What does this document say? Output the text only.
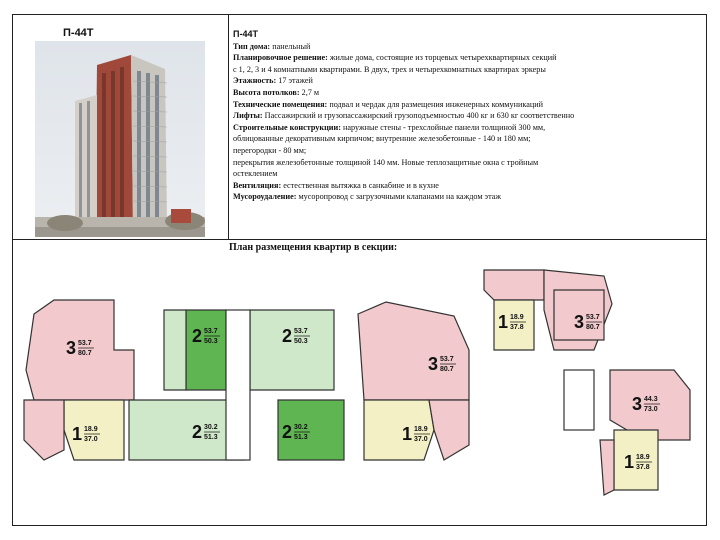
П-44Т	П-44Т
Тип дома: панельный
Планировочное решение: жилые дома, состоящие из торцевых четырехквартирных секций
с 1, 2, 3 и 4 комнатными квартирами. В двух, трех и четырехкомнатных квартирах эркеры
Этажность: 17 этажей
Высота потолков: 2,7 м
Технические помещения: подвал и чердак для размещения инженерных коммуникаций
Лифты: Пассажирский и грузопассажирский грузоподъемностью 400 кг и 630 кг соответственно
Строительные конструкции: наружные стены - трехслойные панели толщиной 300 мм,
облицованные декоративным кирпичом; внутренние железобетонные - 140 и 180 мм;
перегородки - 80 мм;
перекрытия железобетонные толщиной 140 мм. Новые теплозащитные окна с тройным
остеклением
Вентиляция: естественная вытяжка в санкабине и в кухне
Мусороудаление: мусоропровод с загрузочными клапанами на каждом этаж
План размещения квартир в секции:
3 53.7
80.7
2 53.7
50.3	2 53.7
50.3
3 53.7
80.7
1 18.9
37.0	2 30.2
51.3	2 30.2
51.3	1 18.9
37.0
1 18.9
37.8	3 53.7
80.7
3 44.3
73.0
1 18.9
37.8
